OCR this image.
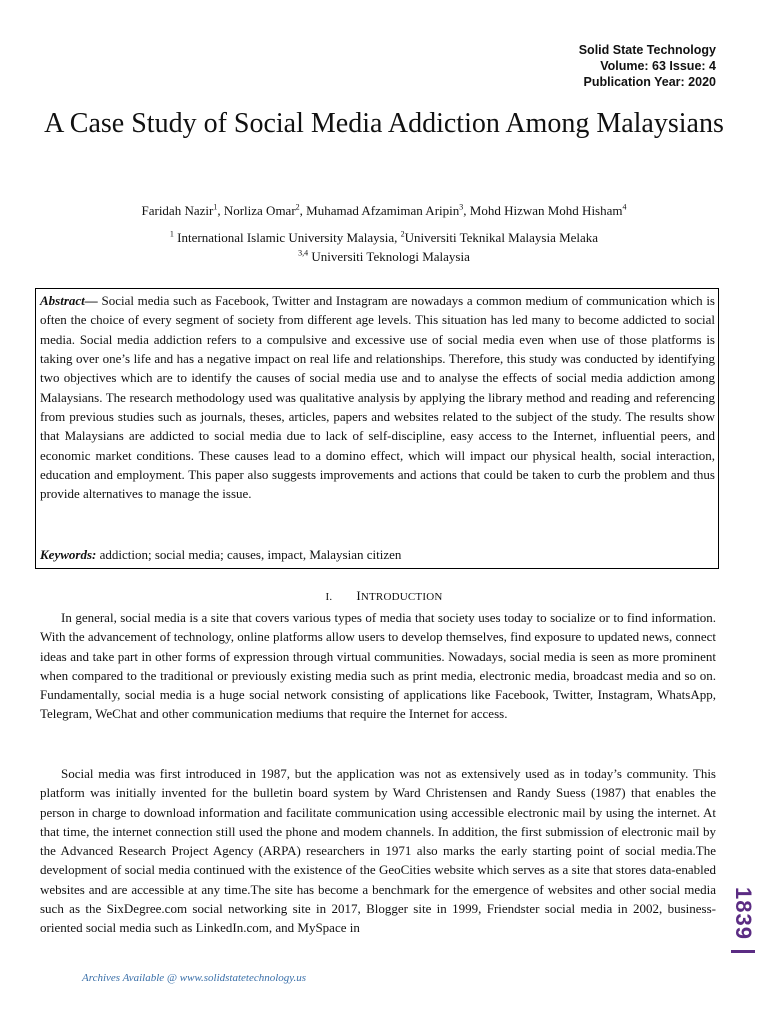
Solid State Technology
Volume: 63 Issue: 4
Publication Year: 2020
A Case Study of Social Media Addiction Among Malaysians
Faridah Nazir$^1$, Norliza Omar$^2$, Muhamad Afzamiman Aripin$^3$, Mohd Hizwan Mohd Hisham$^4$
$^1$ International Islamic University Malaysia, $^2$Universiti Teknikal Malaysia Melaka
$^{3,4}$ Universiti Teknologi Malaysia

Abstract— Social media such as Facebook, Twitter and Instagram are nowadays a common medium of communication which is often the choice of every segment of society from different age levels. This situation has led many to become addicted to social media. Social media addiction refers to a compulsive and excessive use of social media even when use of those platforms is taking over one’s life and has a negative impact on real life and relationships. Therefore, this study was conducted by identifying two objectives which are to identify the causes of social media use and to analyse the effects of social media addiction among Malaysians. The research methodology used was qualitative analysis by applying the library method and reading and referencing from previous studies such as journals, theses, articles, papers and websites related to the subject of the study. The results show that Malaysians are addicted to social media due to lack of self-discipline, easy access to the Internet, influential peers, and economic market conditions. These causes lead to a domino effect, which will impact our physical health, social interaction, education and employment. This paper also suggests improvements and actions that could be taken to curb the problem and thus provide alternatives to manage the issue.

Keywords: addiction; social media; causes, impact, Malaysian citizen
I. INTRODUCTION

In general, social media is a site that covers various types of media that society uses today to socialize or to find information. With the advancement of technology, online platforms allow users to develop themselves, find exposure to updated news, connect ideas and take part in other forms of expression through virtual communities. Nowadays, social media is seen as more prominent when compared to the traditional or previously existing media such as print media, electronic media, broadcast media and so on. Fundamentally, social media is a huge social network consisting of applications like Facebook, Twitter, Instagram, WhatsApp, Telegram, WeChat and other communication mediums that require the Internet for access.

Social media was first introduced in 1987, but the application was not as extensively used as in today’s community. This platform was initially invented for the bulletin board system by Ward Christensen and Randy Suess (1987) that enables the person in charge to download information and facilitate communication using accessible electronic mail by using the internet. At that time, the internet connection still used the phone and modem channels. In addition, the first submission of electronic mail by the Advanced Research Project Agency (ARPA) researchers in 1971 also marks the early starting point of social media.The development of social media continued with the existence of the GeoCities website which serves as a site that stores data-enabled websites and are accessible at any time.The site has become a benchmark for the emergence of websites and other social media such as the SixDegree.com social networking site in 2017, Blogger site in 1999, Friendster social media in 2002, business-oriented social media such as LinkedIn.com, and MySpace in

Archives Available @ www.solidstatetechnology.us
1839
